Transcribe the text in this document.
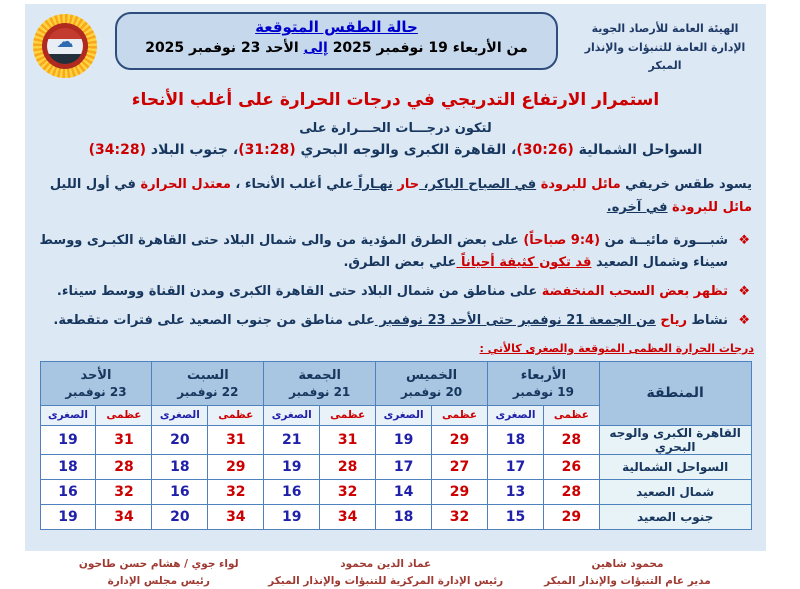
الهيئة العامة للأرصاد الجوية
الإدارة العامة للتنبؤات والإنذار المبكر
حالة الطقس المتوقعة
من الأربعاء 19 نوفمبر 2025 إلى الأحد 23 نوفمبر 2025
☁
استمرار الارتفاع التدريجي في درجات الحرارة على أغلب الأنحاء
لتكون درجـــات الحـــرارة على
السواحل الشمالية (30:26)، القاهرة الكبرى والوجه البحري (31:28)، جنوب البلاد (34:28)
يسود طقس خريفي مائل للبرودة في الصباح الباكر، حار نهـاراً علي أغلب الأنحاء ، معتدل الحرارة في أول الليل مائل للبرودة في آخره.
❖
شبـــورة مائيــة من (9:4 صباحاً) على بعض الطرق المؤدية من والى شمال البلاد حتى القاهرة الكبـرى ووسط سيناء وشمال الصعيد قد تكون كثيفة أحياناً علي بعض الطرق.
❖
تظهر بعض السحب المنخفضة على مناطق من شمال البلاد حتى القاهرة الكبرى ومدن القناة ووسط سيناء.
❖
نشاط رياح من الجمعة 21 نوفمبر حتى الأحد 23 نوفمبر على مناطق من جنوب الصعيد على فترات متقطعة.
درجات الحرارة العظمى المتوقعة والصغرى كالأتي :
المنطقة	
الأربعاء
19 نوفمبر

الخميس
20 نوفمبر

الجمعة
21 نوفمبر

السبت
22 نوفمبر

الأحد
23 نوفمبر

	عظمى	الصغرى	عظمى	الصغرى	عظمى	الصغرى	عظمى	الصغرى	عظمى	الصغرى
القاهرة الكبرى والوجه البحري	28	18	29	19	31	21	31	20	31	19
السواحل الشمالية	26	17	27	17	28	19	29	18	28	18
شمال الصعيد	28	13	29	14	32	16	32	16	32	16
جنوب الصعيد	29	15	32	18	34	19	34	20	34	19
محمود شاهين
مدير عام التنبؤات والإنذار المبكر
عماد الدين محمود
رئيس الإدارة المركزية للتنبؤات والإنذار المبكر
لواء جوي / هشام حسن طاحون
رئيس مجلس الإدارة
